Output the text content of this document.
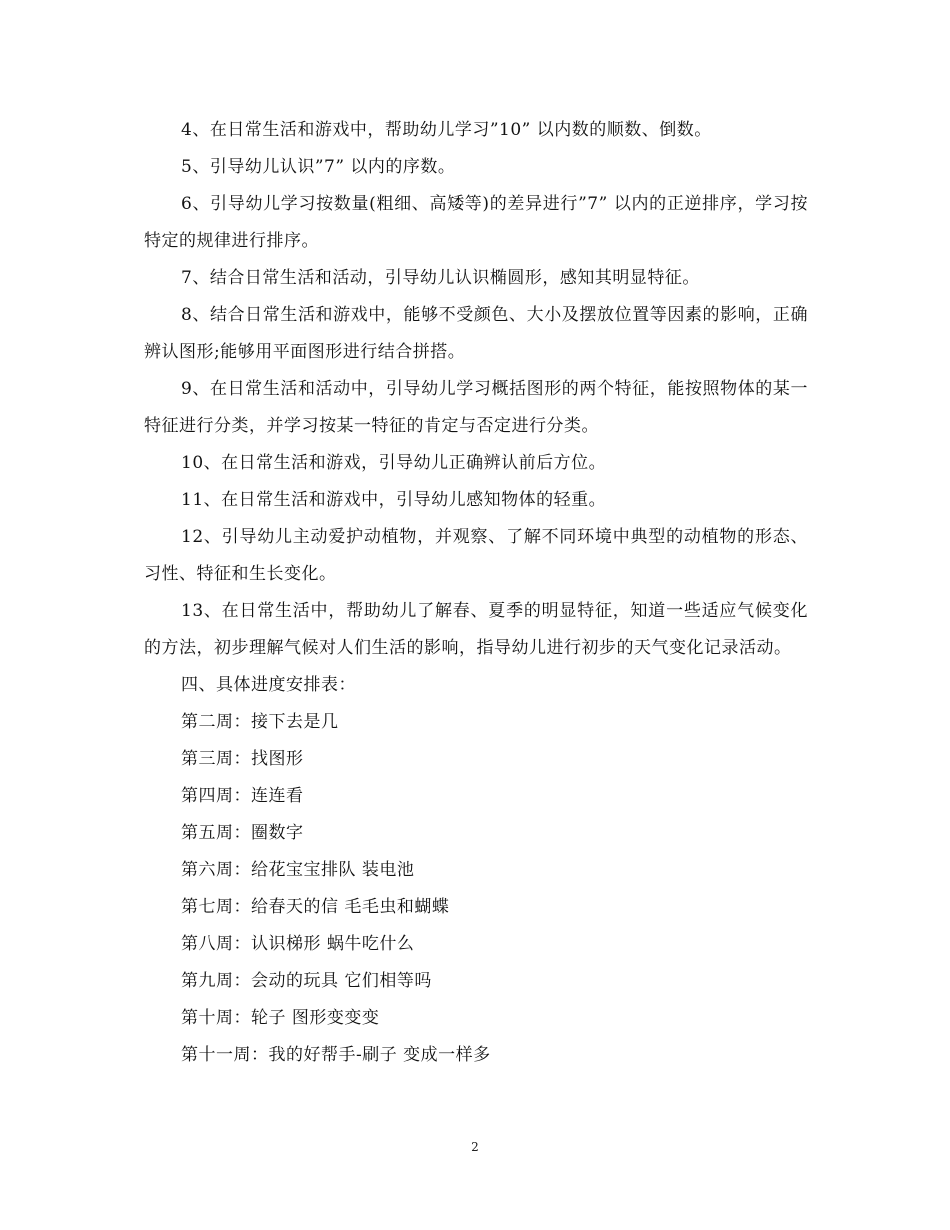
4、在日常生活和游戏中，帮助幼儿学习”10” 以内数的顺数、倒数。

5、引导幼儿认识”7” 以内的序数。

6、引导幼儿学习按数量(粗细、高矮等)的差异进行”7” 以内的正逆排序，学习按特定的规律进行排序。

7、结合日常生活和活动，引导幼儿认识椭圆形，感知其明显特征。

8、结合日常生活和游戏中，能够不受颜色、大小及摆放位置等因素的影响，正确辨认图形;能够用平面图形进行结合拼搭。

9、在日常生活和活动中，引导幼儿学习概括图形的两个特征，能按照物体的某一特征进行分类，并学习按某一特征的肯定与否定进行分类。

10、在日常生活和游戏，引导幼儿正确辨认前后方位。

11、在日常生活和游戏中，引导幼儿感知物体的轻重。

12、引导幼儿主动爱护动植物，并观察、了解不同环境中典型的动植物的形态、习性、特征和生长变化。

13、在日常生活中，帮助幼儿了解春、夏季的明显特征，知道一些适应气候变化的方法，初步理解气候对人们生活的影响，指导幼儿进行初步的天气变化记录活动。

四、具体进度安排表：

第二周：接下去是几

第三周：找图形

第四周：连连看

第五周：圈数字

第六周：给花宝宝排队 装电池

第七周：给春天的信 毛毛虫和蝴蝶

第八周：认识梯形 蜗牛吃什么

第九周：会动的玩具 它们相等吗

第十周：轮子 图形变变变

第十一周：我的好帮手-刷子 变成一样多

2
